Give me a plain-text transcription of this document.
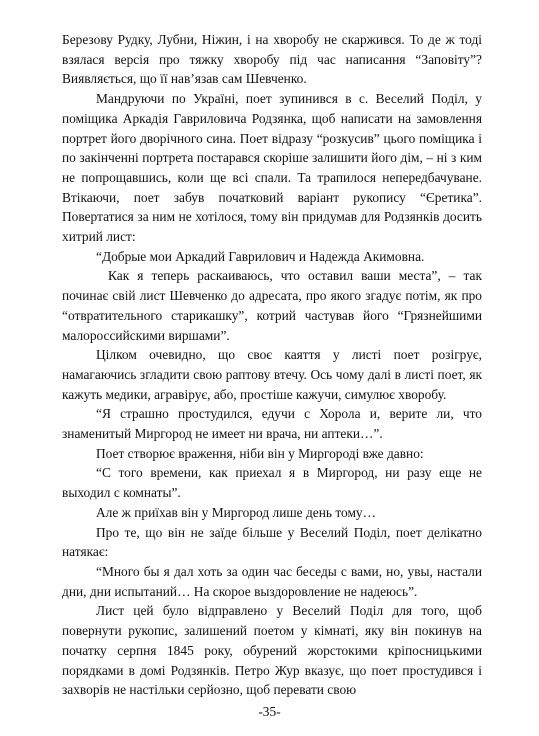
Березову Рудку, Лубни, Ніжин, і на хворобу не скаржився. То де ж тоді взялася версія про тяжку хворобу під час написання “Заповіту”? Виявляється, що її навʼязав сам Шевченко.

Мандруючи по Україні, поет зупинився в с. Веселий Поділ, у поміщика Аркадія Гавриловича Родзянка, щоб написати на замовлення портрет його дворічного сина. Поет відразу “розкусив” цього поміщика і по закінченні портрета постарався скоріше залишити його дім, – ні з ким не попрощавшись, коли ще всі спали. Та трапилося непередбачуване. Втікаючи, поет забув початковий варіант рукопису “Єретика”. Повертатися за ним не хотілося, тому він придумав для Родзянків досить хитрий лист:

“Добрые мои Аркадий Гаврилович и Надежда Акимовна.

Как я теперь раскаиваюсь, что оставил ваши места”, – так починає свій лист Шевченко до адресата, про якого згадує потім, як про “отвратительного старикашку”, котрий частував його “Грязнейшими малороссийскими виршами”.

Цілком очевидно, що своє каяття у листі поет розігрує, намагаючись згладити свою раптову втечу. Ось чому далі в листі поет, як кажуть медики, агравірує, або, простіше кажучи, симулює хворобу.

“Я страшно простудился, едучи с Хорола и, верите ли, что знаменитый Миргород не имеет ни врача, ни аптеки…”.

Поет створює враження, ніби він у Миргороді вже давно:

“С того времени, как приехал я в Миргород, ни разу еще не выходил с комнаты”.

Але ж приїхав він у Миргород лише день тому…

Про те, що він не заїде більше у Веселий Поділ, поет делікатно натякає:

“Много бы я дал хоть за один час беседы с вами, но, увы, настали дни, дни испытаний… На скорое выздоровление не надеюсь”.

Лист цей було відправлено у Веселий Поділ для того, щоб повернути рукопис, залишений поетом у кімнаті, яку він покинув на початку серпня 1845 року, обурений жорстокими кріпосницькими порядками в домі Родзянків. Петро Жур вказує, що поет простудився і захворів не настільки серйозно, щоб перевати свою

-35-
